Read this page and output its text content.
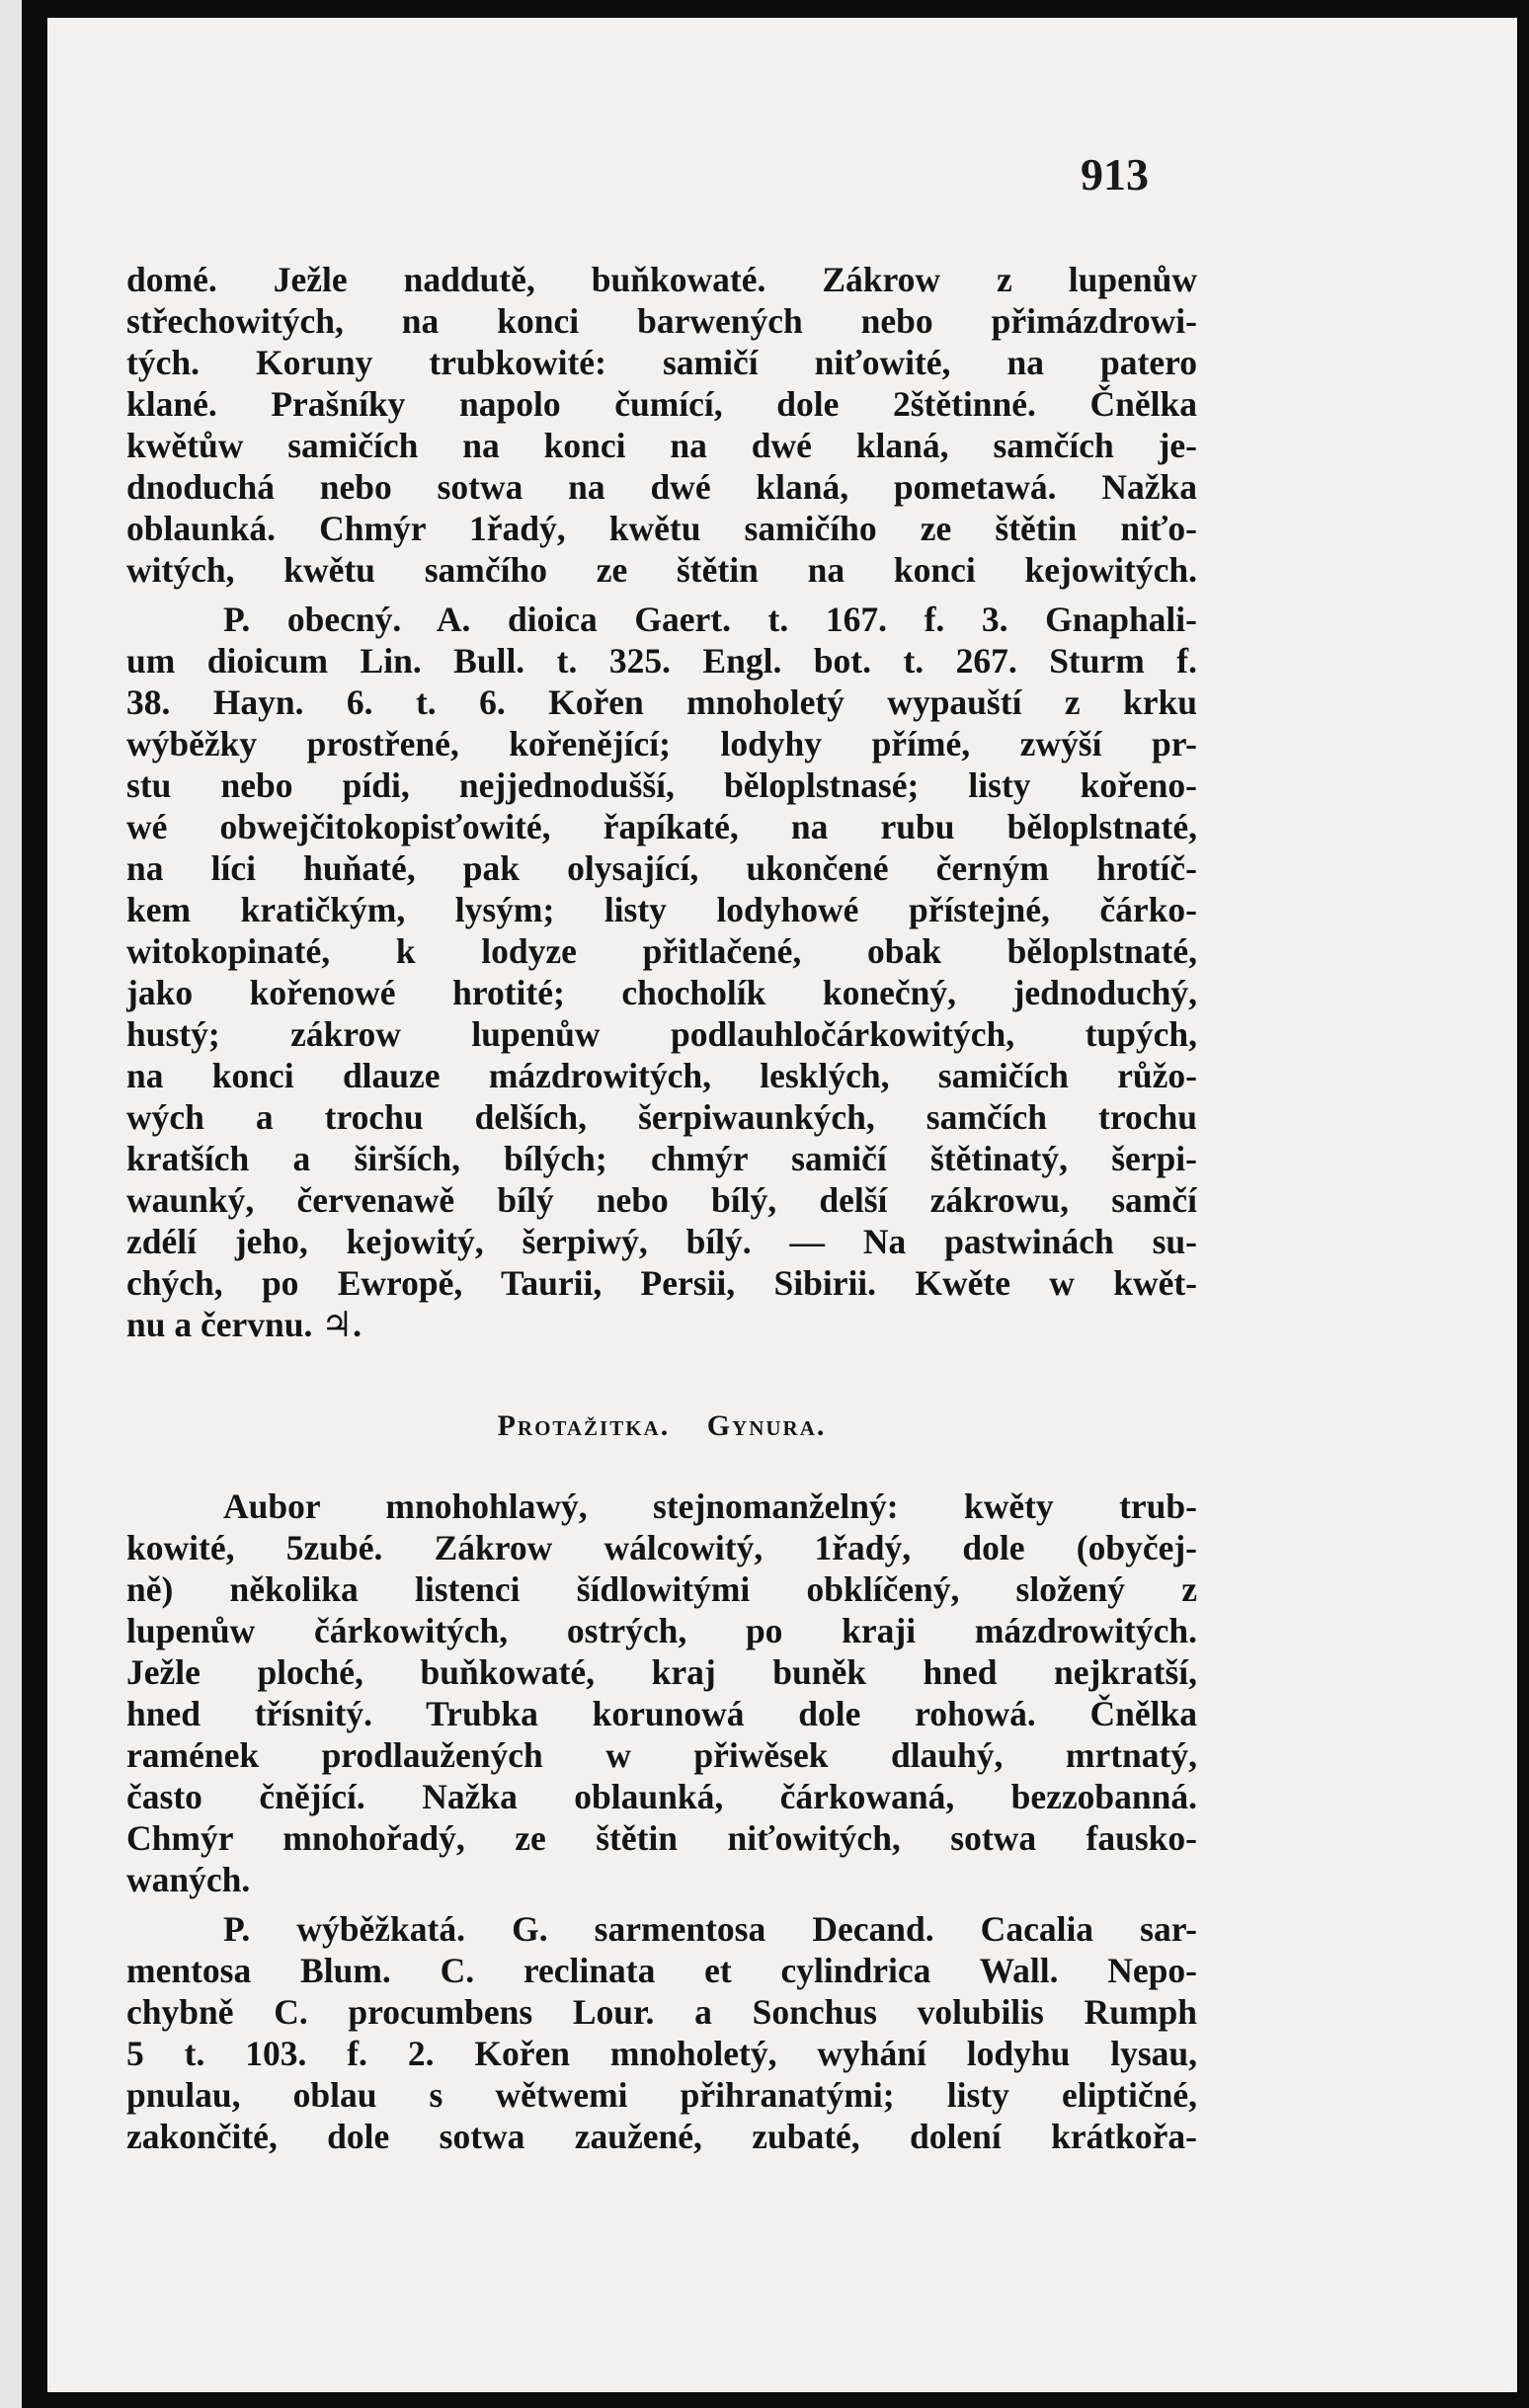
913
domé. Ježle naddutě, buňkowaté. Zákrow z lupenůw
střechowitých, na konci barwených nebo přimázdrowi-
tých. Koruny trubkowité: samičí niťowité, na patero
klané. Prašníky napolo čumící, dole 2štětinné. Čnělka
kwětůw samičích na konci na dwé klaná, samčích je-
dnoduchá nebo sotwa na dwé klaná, pometawá. Nažka
oblaunká. Chmýr 1řadý, kwětu samičího ze štětin niťo-
witých, kwětu samčího ze štětin na konci kejowitých.
P. obecný. A. dioica Gaert. t. 167. f. 3. Gnaphali-
um dioicum Lin. Bull. t. 325. Engl. bot. t. 267. Sturm f.
38. Hayn. 6. t. 6. Kořen mnoholetý wypauští z krku
wýběžky prostřené, kořenějící; lodyhy přímé, zwýší pr-
stu nebo pídi, nejjednodušší, běloplstnasé; listy kořeno-
wé obwejčitokopisťowité, řapíkaté, na rubu běloplstnaté,
na líci huňaté, pak olysající, ukončené černým hrotíč-
kem kratičkým, lysým; listy lodyhowé přístejné, čárko-
witokopinaté, k lodyze přitlačené, obak běloplstnaté,
jako kořenowé hrotité; chocholík konečný, jednoduchý,
hustý; zákrow lupenůw podlauhločárkowitých, tupých,
na konci dlauze mázdrowitých, lesklých, samičích růžo-
wých a trochu delších, šerpiwaunkých, samčích trochu
kratších a širších, bílých; chmýr samičí štětinatý, šerpi-
waunký, červenawě bílý nebo bílý, delší zákrowu, samčí
zdélí jeho, kejowitý, šerpiwý, bílý. — Na pastwinách su-
chých, po Ewropě, Taurii, Persii, Sibirii. Kwěte w kwět-
nu a červnu. ♃.
Protažitka. Gynura.
Aubor mnohohlawý, stejnomanželný: kwěty trub-
kowité, 5zubé. Zákrow wálcowitý, 1řadý, dole (obyčej-
ně) několika listenci šídlowitými obklíčený, složený z
lupenůw čárkowitých, ostrých, po kraji mázdrowitých.
Ježle ploché, buňkowaté, kraj buněk hned nejkratší,
hned třísnitý. Trubka korunowá dole rohowá. Čnělka
ramének prodlaužených w přiwěsek dlauhý, mrtnatý,
často čnějící. Nažka oblaunká, čárkowaná, bezzobanná.
Chmýr mnohořadý, ze štětin niťowitých, sotwa fausko-
waných.
P. wýběžkatá. G. sarmentosa Decand. Cacalia sar-
mentosa Blum. C. reclinata et cylindrica Wall. Nepo-
chybně C. procumbens Lour. a Sonchus volubilis Rumph
5 t. 103. f. 2. Kořen mnoholetý, wyhání lodyhu lysau,
pnulau, oblau s wětwemi přihranatými; listy eliptičné,
zakončité, dole sotwa zaužené, zubaté, dolení krátkořa-
